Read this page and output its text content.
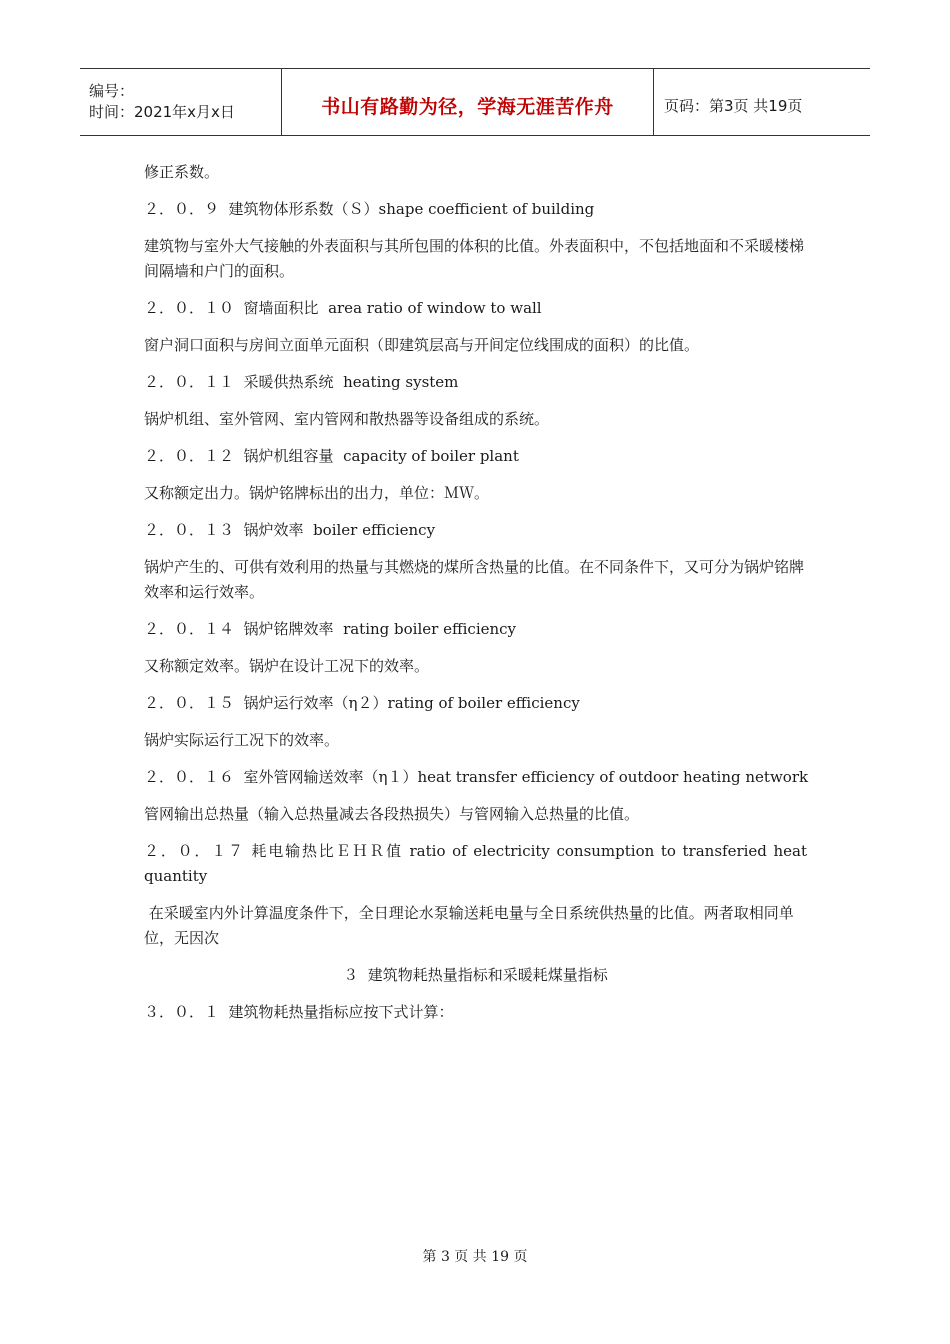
编号：
时间：2021年x月x日	书山有路勤为径，学海无涯苦作舟	页码：第3页 共19页

修正系数。

２．０．９  建筑物体形系数（Ｓ）shape coefficient of building

建筑物与室外大气接触的外表面积与其所包围的体积的比值。外表面积中，不包括地面和不采暖楼梯间隔墙和户门的面积。

２．０．１０  窗墙面积比  area ratio of window to wall

窗户洞口面积与房间立面单元面积（即建筑层高与开间定位线围成的面积）的比值。

２．０．１１  采暖供热系统  heating system

锅炉机组、室外管网、室内管网和散热器等设备组成的系统。

２．０．１２  锅炉机组容量  capacity of boiler plant

又称额定出力。锅炉铭牌标出的出力，单位：ＭＷ。

２．０．１３  锅炉效率  boiler efficiency

锅炉产生的、可供有效利用的热量与其燃烧的煤所含热量的比值。在不同条件下，又可分为锅炉铭牌效率和运行效率。

２．０．１４  锅炉铭牌效率  rating boiler efficiency

又称额定效率。锅炉在设计工况下的效率。

２．０．１５  锅炉运行效率（η２）rating of boiler efficiency

锅炉实际运行工况下的效率。

２．０．１６  室外管网输送效率（η１）heat transfer efficiency of outdoor heating network

管网输出总热量（输入总热量减去各段热损失）与管网输入总热量的比值。

２．０．１７ 耗电输热比ＥＨＲ值 ratio of electricity consumption to transferied heat quantity

在采暖室内外计算温度条件下，全日理论水泵输送耗电量与全日系统供热量的比值。两者取相同单位，无因次

３  建筑物耗热量指标和采暖耗煤量指标

３．０．１  建筑物耗热量指标应按下式计算：

第 3 页 共 19 页
